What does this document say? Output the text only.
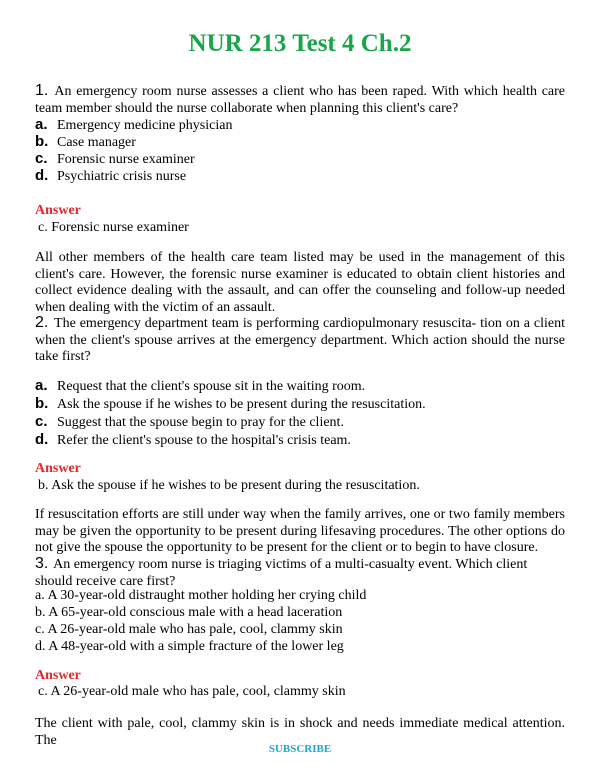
NUR 213 Test 4 Ch.2
1. An emergency room nurse assesses a client who has been raped. With which health care team member should the nurse collaborate when planning this client's care?
a. Emergency medicine physician
b. Case manager
c. Forensic nurse examiner
d. Psychiatric crisis nurse
Answer
c. Forensic nurse examiner
All other members of the health care team listed may be used in the management of this client's care. However, the forensic nurse examiner is educated to obtain client histories and collect evidence dealing with the assault, and can offer the counseling and follow-up needed when dealing with the victim of an assault.
2. The emergency department team is performing cardiopulmonary resuscita- tion on a client when the client's spouse arrives at the emergency department. Which action should the nurse take first?
a. Request that the client's spouse sit in the waiting room.
b. Ask the spouse if he wishes to be present during the resuscitation.
c. Suggest that the spouse begin to pray for the client.
d. Refer the client's spouse to the hospital's crisis team.
Answer
b. Ask the spouse if he wishes to be present during the resuscitation.
If resuscitation efforts are still under way when the family arrives, one or two family members may be given the opportunity to be present during lifesaving procedures. The other options do not give the spouse the opportunity to be present for the client or to begin to have closure.
3. An emergency room nurse is triaging victims of a multi-casualty event. Which client should receive care first?
a. A 30-year-old distraught mother holding her crying child
b. A 65-year-old conscious male with a head laceration
c. A 26-year-old male who has pale, cool, clammy skin
d. A 48-year-old with a simple fracture of the lower leg
Answer
c. A 26-year-old male who has pale, cool, clammy skin
The client with pale, cool, clammy skin is in shock and needs immediate medical attention. The
SUBSCRIBE
